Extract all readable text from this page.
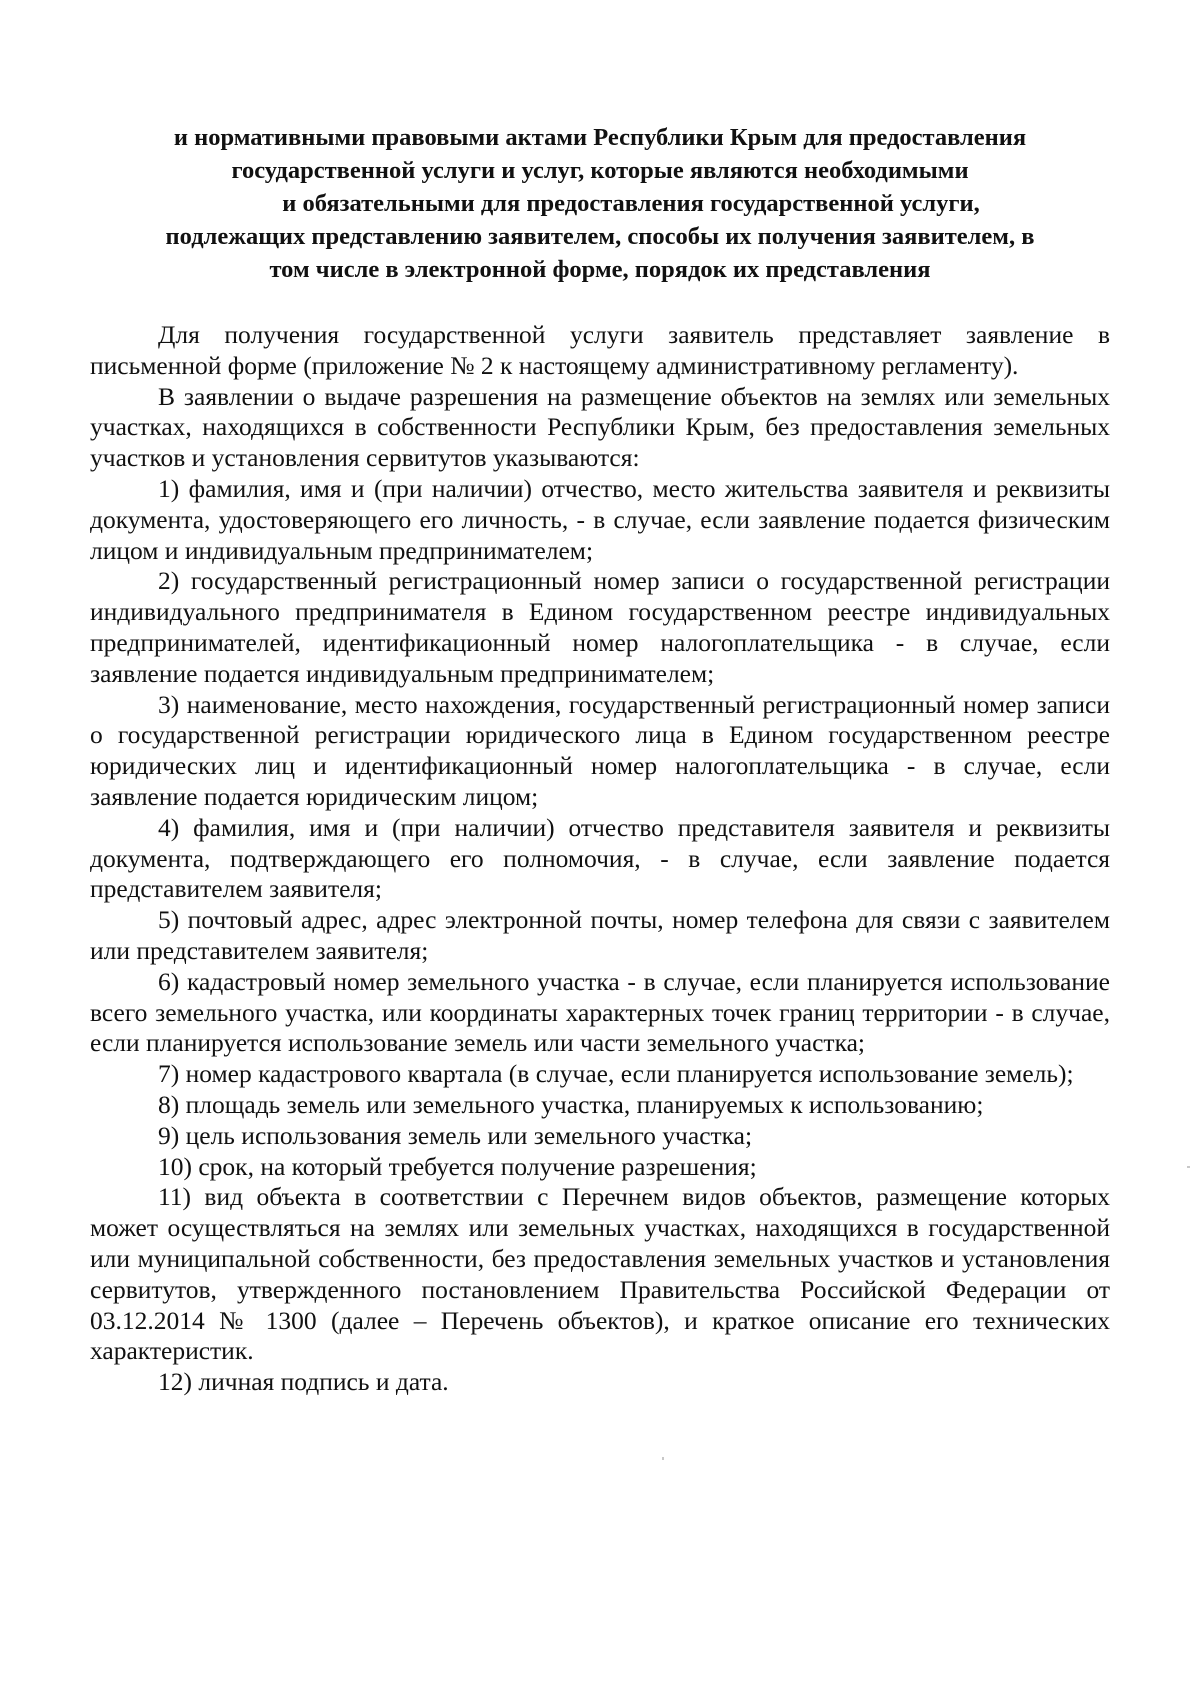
и нормативными правовыми актами Республики Крым для предоставления
государственной услуги и услуг, которые являются необходимыми
и обязательными для предоставления государственной услуги,
подлежащих представлению заявителем, способы их получения заявителем, в
том числе в электронной форме, порядок их представления

Для получения государственной услуги заявитель представляет заявление в письменной форме (приложение № 2 к настоящему административному регламенту).

В заявлении о выдаче разрешения на размещение объектов на землях или земельных участках, находящихся в собственности Республики Крым, без предоставления земельных участков и установления сервитутов указываются:

1) фамилия, имя и (при наличии) отчество, место жительства заявителя и реквизиты документа, удостоверяющего его личность, - в случае, если заявление подается физическим лицом и индивидуальным предпринимателем;

2) государственный регистрационный номер записи о государственной регистрации индивидуального предпринимателя в Едином государственном реестре индивидуальных предпринимателей, идентификационный номер налогоплательщика - в случае, если заявление подается индивидуальным предпринимателем;

3) наименование, место нахождения, государственный регистрационный номер записи о государственной регистрации юридического лица в Едином государственном реестре юридических лиц и идентификационный номер налогоплательщика - в случае, если заявление подается юридическим лицом;

4) фамилия, имя и (при наличии) отчество представителя заявителя и реквизиты документа, подтверждающего его полномочия, - в случае, если заявление подается представителем заявителя;

5) почтовый адрес, адрес электронной почты, номер телефона для связи с заявителем или представителем заявителя;

6) кадастровый номер земельного участка - в случае, если планируется использование всего земельного участка, или координаты характерных точек границ территории - в случае, если планируется использование земель или части земельного участка;

7) номер кадастрового квартала (в случае, если планируется использование земель);

8) площадь земель или земельного участка, планируемых к использованию;

9) цель использования земель или земельного участка;

10) срок, на который требуется получение разрешения;

11) вид объекта в соответствии с Перечнем видов объектов, размещение которых может осуществляться на землях или земельных участках, находящихся в государственной или муниципальной собственности, без предоставления земельных участков и установления сервитутов, утвержденного постановлением Правительства Российской Федерации от 03.12.2014 № 1300 (далее – Перечень объектов), и краткое описание его технических характеристик.

12) личная подпись и дата.
